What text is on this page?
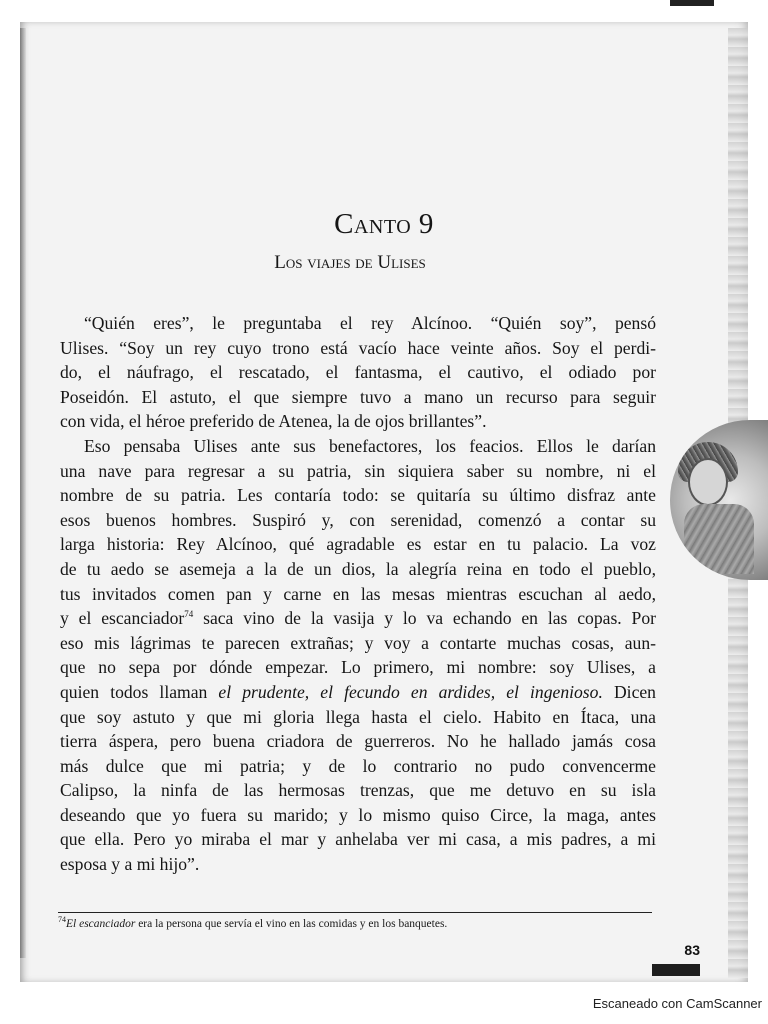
Canto 9
Los viajes de Ulises
“Quién eres”, le preguntaba el rey Alcínoo. “Quién soy”, pensó
Ulises. “Soy un rey cuyo trono está vacío hace veinte años. Soy el perdi-
do, el náufrago, el rescatado, el fantasma, el cautivo, el odiado por
Poseidón. El astuto, el que siempre tuvo a mano un recurso para seguir
con vida, el héroe preferido de Atenea, la de ojos brillantes”.
Eso pensaba Ulises ante sus benefactores, los feacios. Ellos le darían
una nave para regresar a su patria, sin siquiera saber su nombre, ni el
nombre de su patria. Les contaría todo: se quitaría su último disfraz ante
esos buenos hombres. Suspiró y, con serenidad, comenzó a contar su
larga historia: Rey Alcínoo, qué agradable es estar en tu palacio. La voz
de tu aedo se asemeja a la de un dios, la alegría reina en todo el pueblo,
tus invitados comen pan y carne en las mesas mientras escuchan al aedo,
y el escanciador$^{74}$ saca vino de la vasija y lo va echando en las copas. Por
eso mis lágrimas te parecen extrañas; y voy a contarte muchas cosas, aun-
que no sepa por dónde empezar. Lo primero, mi nombre: soy Ulises, a
quien todos llaman el prudente, el fecundo en ardides, el ingenioso. Dicen
que soy astuto y que mi gloria llega hasta el cielo. Habito en Ítaca, una
tierra áspera, pero buena criadora de guerreros. No he hallado jamás cosa
más dulce que mi patria; y de lo contrario no pudo convencerme
Calipso, la ninfa de las hermosas trenzas, que me detuvo en su isla
deseando que yo fuera su marido; y lo mismo quiso Circe, la maga, antes
que ella. Pero yo miraba el mar y anhelaba ver mi casa, a mis padres, a mi
esposa y a mi hijo”.
$^{74}$El escanciador era la persona que servía el vino en las comidas y en los banquetes.
83
Escaneado con CamScanner
